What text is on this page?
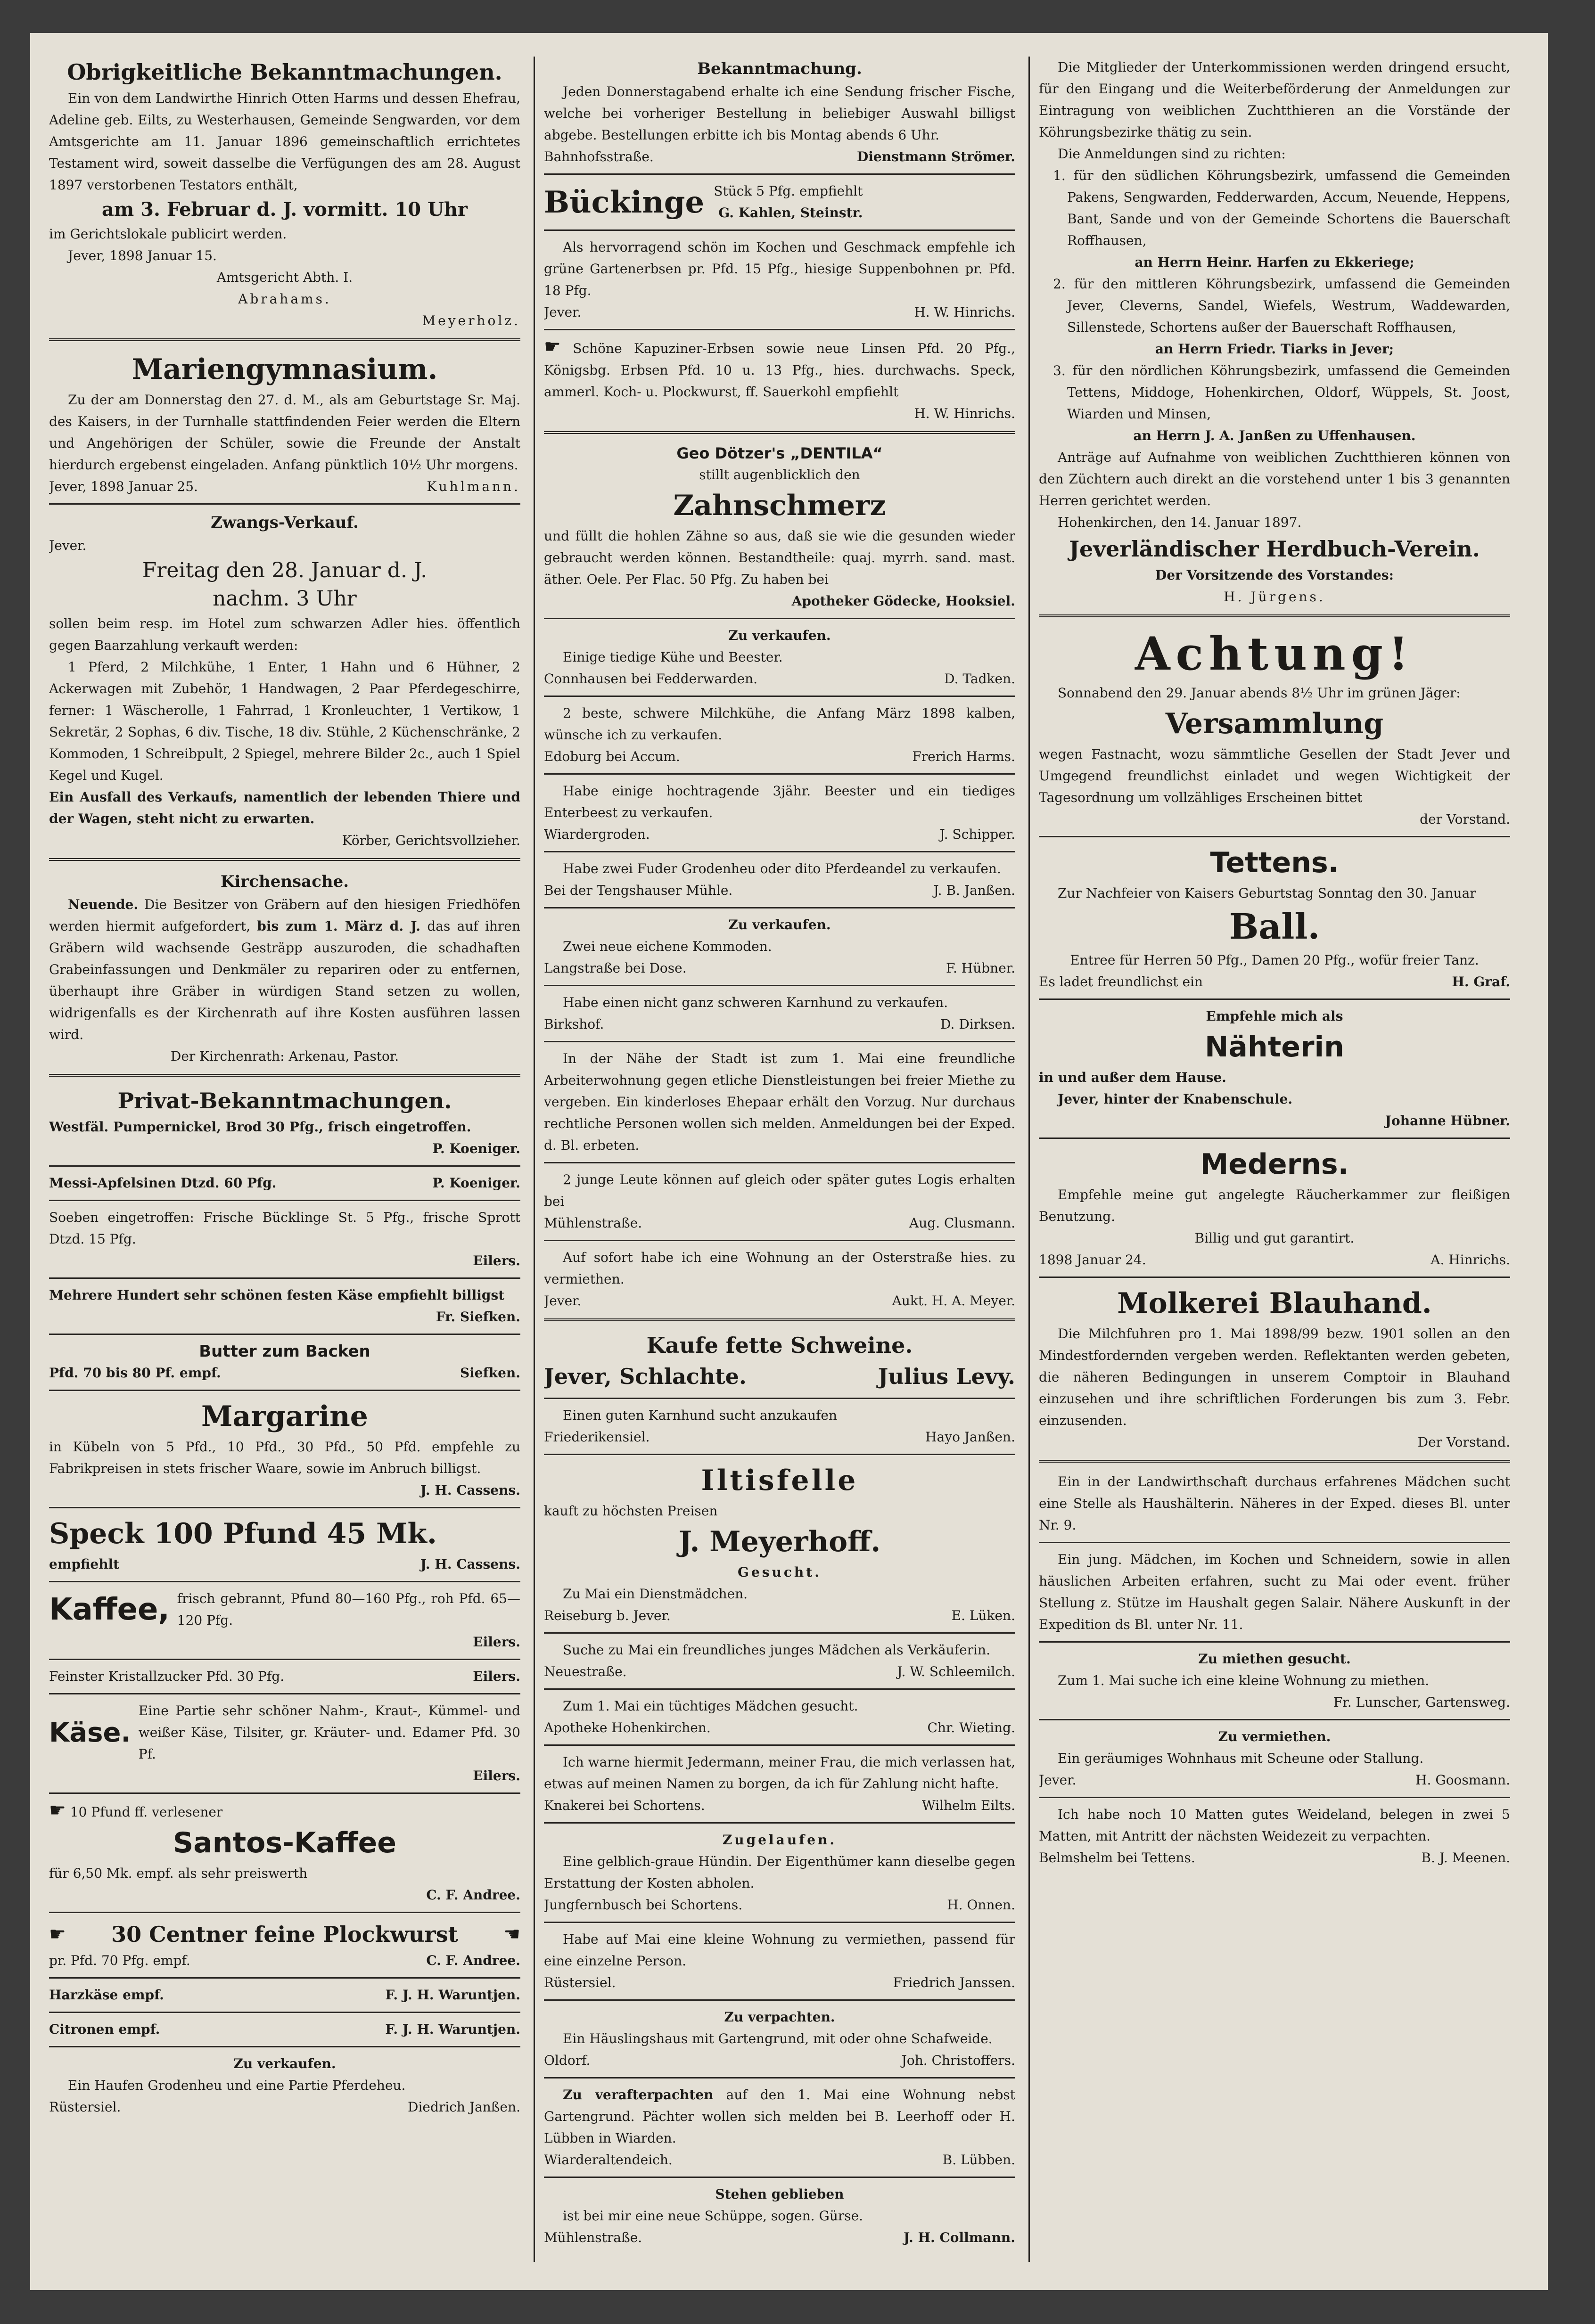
Obrigkeitliche Bekanntmachungen.

Ein von dem Landwirthe Hinrich Otten Harms und dessen Ehefrau, Adeline geb. Eilts, zu Westerhausen, Gemeinde Sengwarden, vor dem Amtsgerichte am 11. Januar 1896 gemeinschaftlich errichtetes Testament wird, soweit dasselbe die Verfügungen des am 28. August 1897 verstorbenen Testators enthält,

am 3. Februar d. J. vormitt. 10 Uhr

im Gerichtslokale publicirt werden.

Jever, 1898 Januar 15.

Amtsgericht Abth. I.

Abrahams.

Meyerholz.

Mariengymnasium.

Zu der am Donnerstag den 27. d. M., als am Geburtstage Sr. Maj. des Kaisers, in der Turnhalle stattfindenden Feier werden die Eltern und Angehörigen der Schüler, sowie die Freunde der Anstalt hierdurch ergebenst eingeladen. Anfang pünktlich 10½ Uhr morgens.

Jever, 1898 Januar 25.	Kuhlmann.

Zwangs-Verkauf.

Jever.

Freitag den 28. Januar d. J.

nachm. 3 Uhr

sollen beim resp. im Hotel zum schwarzen Adler hies. öffentlich gegen Baarzahlung verkauft werden:

1 Pferd, 2 Milchkühe, 1 Enter, 1 Hahn und 6 Hühner, 2 Ackerwagen mit Zubehör, 1 Handwagen, 2 Paar Pferdegeschirre, ferner: 1 Wäscherolle, 1 Fahrrad, 1 Kronleuchter, 1 Vertikow, 1 Sekretär, 2 Sophas, 6 div. Tische, 18 div. Stühle, 2 Küchenschränke, 2 Kommoden, 1 Schreibpult, 2 Spiegel, mehrere Bilder 2c., auch 1 Spiel Kegel und Kugel.

Ein Ausfall des Verkaufs, namentlich der lebenden Thiere und der Wagen, steht nicht zu erwarten.

Körber, Gerichtsvollzieher.

Kirchensache.

Neuende. Die Besitzer von Gräbern auf den hiesigen Friedhöfen werden hiermit aufgefordert, bis zum 1. März d. J. das auf ihren Gräbern wild wachsende Gesträpp auszuroden, die schadhaften Grabeinfassungen und Denkmäler zu repariren oder zu entfernen, überhaupt ihre Gräber in würdigen Stand setzen zu wollen, widrigenfalls es der Kirchenrath auf ihre Kosten ausführen lassen wird.

Der Kirchenrath: Arkenau, Pastor.

Privat-Bekanntmachungen.

Westfäl. Pumpernickel, Brod 30 Pfg., frisch eingetroffen.

P. Koeniger.

Messi-Apfelsinen Dtzd. 60 Pfg.	P. Koeniger.

Soeben eingetroffen: Frische Bücklinge St. 5 Pfg., frische Sprott Dtzd. 15 Pfg.

Eilers.

Mehrere Hundert sehr schönen festen Käse empfiehlt billigst

Fr. Siefken.

Butter zum Backen

Pfd. 70 bis 80 Pf. empf.	Siefken.

Margarine

in Kübeln von 5 Pfd., 10 Pfd., 30 Pfd., 50 Pfd. empfehle zu Fabrikpreisen in stets frischer Waare, sowie im Anbruch billigst.

J. H. Cassens.

Speck 100 Pfund 45 Mk.

empfiehlt	J. H. Cassens.
Kaffee, frisch gebrannt, Pfund 80—160 Pfg., roh Pfd. 65—120 Pfg.

Eilers.

Feinster Kristallzucker Pfd. 30 Pfg.	Eilers.
Käse.
Eine Partie sehr schöner Nahm-, Kraut-, Kümmel- und weißer Käse, Tilsiter, gr. Kräuter- und. Edamer Pfd. 30 Pf.

Eilers.

☛ 10 Pfund ff. verlesener

Santos-Kaffee

für 6,50 Mk. empf. als sehr preiswerth

C. F. Andree.

☛	30 Centner feine Plockwurst	☚
pr. Pfd. 70 Pfg. empf.	C. F. Andree.
Harzkäse empf.	F. J. H. Waruntjen.
Citronen empf.	F. J. H. Waruntjen.

Zu verkaufen.

Ein Haufen Grodenheu und eine Partie Pferdeheu.

Rüstersiel.	Diedrich Janßen.

Bekanntmachung.

Jeden Donnerstagabend erhalte ich eine Sendung frischer Fische, welche bei vorheriger Bestellung in beliebiger Auswahl billigst abgebe. Bestellungen erbitte ich bis Montag abends 6 Uhr.

Bahnhofsstraße.	Dienstmann Strömer.
Bückinge Stück 5 Pfg. empfiehlt

G. Kahlen, Steinstr.

Als hervorragend schön im Kochen und Geschmack empfehle ich grüne Gartenerbsen pr. Pfd. 15 Pfg., hiesige Suppenbohnen pr. Pfd. 18 Pfg.

Jever.	H. W. Hinrichs.

☛ Schöne Kapuziner-Erbsen sowie neue Linsen Pfd. 20 Pfg., Königsbg. Erbsen Pfd. 10 u. 13 Pfg., hies. durchwachs. Speck, ammerl. Koch- u. Plockwurst, ff. Sauerkohl empfiehlt

H. W. Hinrichs.

Geo Dötzer's „DENTILA“

stillt augenblicklich den

Zahnschmerz

und füllt die hohlen Zähne so aus, daß sie wie die gesunden wieder gebraucht werden können. Bestandtheile: quaj. myrrh. sand. mast. äther. Oele. Per Flac. 50 Pfg. Zu haben bei

Apotheker Gödecke, Hooksiel.

Zu verkaufen.

Einige tiedige Kühe und Beester.

Connhausen bei Fedderwarden.	D. Tadken.

2 beste, schwere Milchkühe, die Anfang März 1898 kalben, wünsche ich zu verkaufen.

Edoburg bei Accum.	Frerich Harms.

Habe einige hochtragende 3jähr. Beester und ein tiediges Enterbeest zu verkaufen.

Wiardergroden.	J. Schipper.

Habe zwei Fuder Grodenheu oder dito Pferdeandel zu verkaufen.

Bei der Tengshauser Mühle.	J. B. Janßen.

Zu verkaufen.

Zwei neue eichene Kommoden.

Langstraße bei Dose.	F. Hübner.

Habe einen nicht ganz schweren Karnhund zu verkaufen.

Birkshof.	D. Dirksen.

In der Nähe der Stadt ist zum 1. Mai eine freundliche Arbeiterwohnung gegen etliche Dienstleistungen bei freier Miethe zu vergeben. Ein kinderloses Ehepaar erhält den Vorzug. Nur durchaus rechtliche Personen wollen sich melden. Anmeldungen bei der Exped. d. Bl. erbeten.

2 junge Leute können auf gleich oder später gutes Logis erhalten bei

Mühlenstraße.	Aug. Clusmann.

Auf sofort habe ich eine Wohnung an der Osterstraße hies. zu vermiethen.

Jever.	Aukt. H. A. Meyer.

Kaufe fette Schweine.

Jever, Schlachte.	Julius Levy.

Einen guten Karnhund sucht anzukaufen

Friederikensiel.	Hayo Janßen.

Iltisfelle

kauft zu höchsten Preisen

J. Meyerhoff.

Gesucht.

Zu Mai ein Dienstmädchen.

Reiseburg b. Jever.	E. Lüken.

Suche zu Mai ein freundliches junges Mädchen als Verkäuferin.

Neuestraße.	J. W. Schleemilch.

Zum 1. Mai ein tüchtiges Mädchen gesucht.

Apotheke Hohenkirchen.	Chr. Wieting.

Ich warne hiermit Jedermann, meiner Frau, die mich verlassen hat, etwas auf meinen Namen zu borgen, da ich für Zahlung nicht hafte.

Knakerei bei Schortens.	Wilhelm Eilts.

Zugelaufen.

Eine gelblich-graue Hündin. Der Eigenthümer kann dieselbe gegen Erstattung der Kosten abholen.

Jungfernbusch bei Schortens.	H. Onnen.

Habe auf Mai eine kleine Wohnung zu vermiethen, passend für eine einzelne Person.

Rüstersiel.	Friedrich Janssen.

Zu verpachten.

Ein Häuslingshaus mit Gartengrund, mit oder ohne Schafweide.

Oldorf.	Joh. Christoffers.

Zu verafterpachten auf den 1. Mai eine Wohnung nebst Gartengrund. Pächter wollen sich melden bei B. Leerhoff oder H. Lübben in Wiarden.

Wiarderaltendeich.	B. Lübben.

Stehen geblieben

ist bei mir eine neue Schüppe, sogen. Gürse.

Mühlenstraße.	J. H. Collmann.

Die Mitglieder der Unterkommissionen werden dringend ersucht, für den Eingang und die Weiterbeförderung der Anmeldungen zur Eintragung von weiblichen Zuchtthieren an die Vorstände der Köhrungsbezirke thätig zu sein.

Die Anmeldungen sind zu richten:

1. für den südlichen Köhrungsbezirk, umfassend die Gemeinden Pakens, Sengwarden, Fedderwarden, Accum, Neuende, Heppens, Bant, Sande und von der Gemeinde Schortens die Bauerschaft Roffhausen,

an Herrn Heinr. Harfen zu Ekkeriege;

2. für den mittleren Köhrungsbezirk, umfassend die Gemeinden Jever, Cleverns, Sandel, Wiefels, Westrum, Waddewarden, Sillenstede, Schortens außer der Bauerschaft Roffhausen,

an Herrn Friedr. Tiarks in Jever;

3. für den nördlichen Köhrungsbezirk, umfassend die Gemeinden Tettens, Middoge, Hohenkirchen, Oldorf, Wüppels, St. Joost, Wiarden und Minsen,

an Herrn J. A. Janßen zu Uffenhausen.

Anträge auf Aufnahme von weiblichen Zuchtthieren können von den Züchtern auch direkt an die vorstehend unter 1 bis 3 genannten Herren gerichtet werden.

Hohenkirchen, den 14. Januar 1897.

Jeverländischer Herdbuch-Verein.

Der Vorsitzende des Vorstandes:

H. Jürgens.

Achtung!

Sonnabend den 29. Januar abends 8½ Uhr im grünen Jäger:

Versammlung

wegen Fastnacht, wozu sämmtliche Gesellen der Stadt Jever und Umgegend freundlichst einladet und wegen Wichtigkeit der Tagesordnung um vollzähliges Erscheinen bittet

der Vorstand.

Tettens.

Zur Nachfeier von Kaisers Geburtstag Sonntag den 30. Januar

Ball.

Entree für Herren 50 Pfg., Damen 20 Pfg., wofür freier Tanz.

Es ladet freundlichst ein	H. Graf.

Empfehle mich als

Nähterin

in und außer dem Hause.

Jever, hinter der Knabenschule.

Johanne Hübner.

Mederns.

Empfehle meine gut angelegte Räucherkammer zur fleißigen Benutzung.

Billig und gut garantirt.

1898 Januar 24.	A. Hinrichs.

Molkerei Blauhand.

Die Milchfuhren pro 1. Mai 1898/99 bezw. 1901 sollen an den Mindestfordernden vergeben werden. Reflektanten werden gebeten, die näheren Bedingungen in unserem Comptoir in Blauhand einzusehen und ihre schriftlichen Forderungen bis zum 3. Febr. einzusenden.

Der Vorstand.

Ein in der Landwirthschaft durchaus erfahrenes Mädchen sucht eine Stelle als Haushälterin. Näheres in der Exped. dieses Bl. unter Nr. 9.

Ein jung. Mädchen, im Kochen und Schneidern, sowie in allen häuslichen Arbeiten erfahren, sucht zu Mai oder event. früher Stellung z. Stütze im Haushalt gegen Salair. Nähere Auskunft in der Expedition ds Bl. unter Nr. 11.

Zu miethen gesucht.

Zum 1. Mai suche ich eine kleine Wohnung zu miethen.

Fr. Lunscher, Gartensweg.

Zu vermiethen.

Ein geräumiges Wohnhaus mit Scheune oder Stallung.

Jever.	H. Goosmann.

Ich habe noch 10 Matten gutes Weideland, belegen in zwei 5 Matten, mit Antritt der nächsten Weidezeit zu verpachten.

Belmshelm bei Tettens.	B. J. Meenen.
